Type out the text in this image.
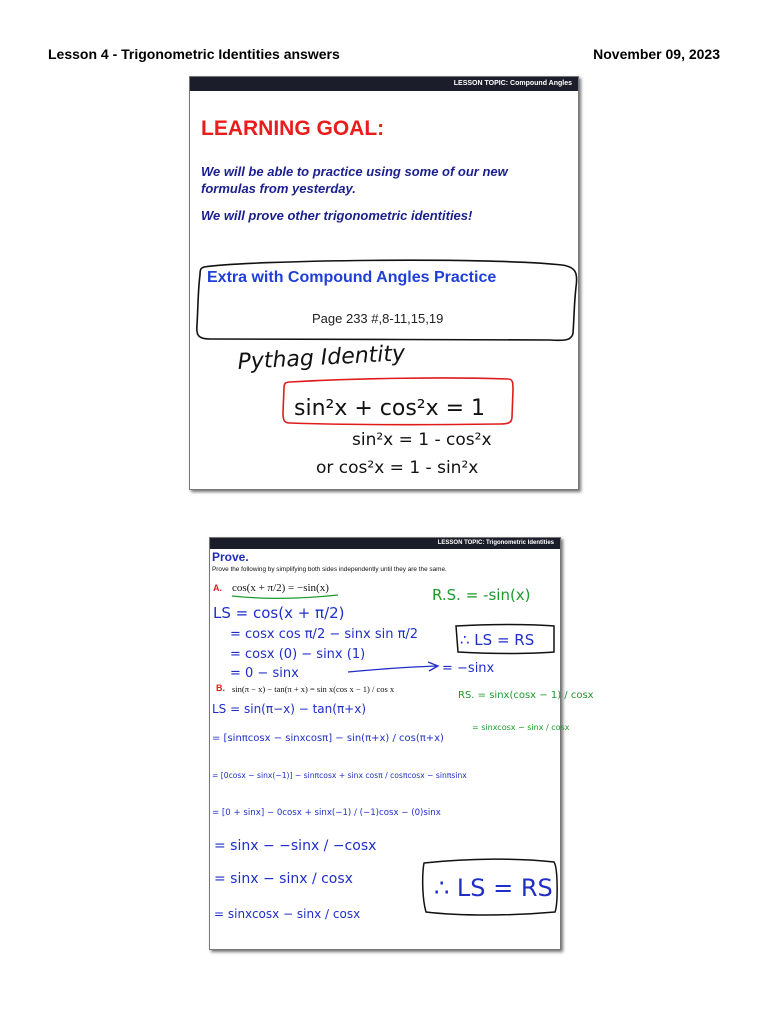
Lesson 4 - Trigonometric Identities answers	November 09, 2023
LESSON TOPIC: Compound Angles
LEARNING GOAL:
We will be able to practice using some of our new formulas from yesterday.
We will prove other trigonometric identities!
Extra with Compound Angles Practice
Page 233 #,8-11,15,19
Pythag Identity
sin²x + cos²x = 1
sin²x = 1 - cos²x
or cos²x = 1 - sin²x
LESSON TOPIC: Trigonometric Identities
Prove.
Prove the following by simplifying both sides independently until they are the same.
A. cos(x + π/2) = −sin(x)
B. sin(π − x) − tan(π + x) = sin x(cos x − 1) / cos x
R.S. = -sin(x)
LS = cos(x + π/2)
= cosx cos π/2 − sinx sin π/2
= cosx (0) − sinx (1)
= 0 − sinx	= −sinx
∴ LS = RS
RS. = sinx(cosx − 1) / cosx
= sinxcosx − sinx / cosx
LS = sin(π−x) − tan(π+x)
= [sinπcosx − sinxcosπ] − sin(π+x) / cos(π+x)
= [0cosx − sinx(−1)] − sinπcosx + sinx cosπ / cosπcosx − sinπsinx
= [0 + sinx] − 0cosx + sinx(−1) / (−1)cosx − (0)sinx
= sinx − −sinx / −cosx
= sinx − sinx / cosx
= sinxcosx − sinx / cosx
∴ LS = RS
